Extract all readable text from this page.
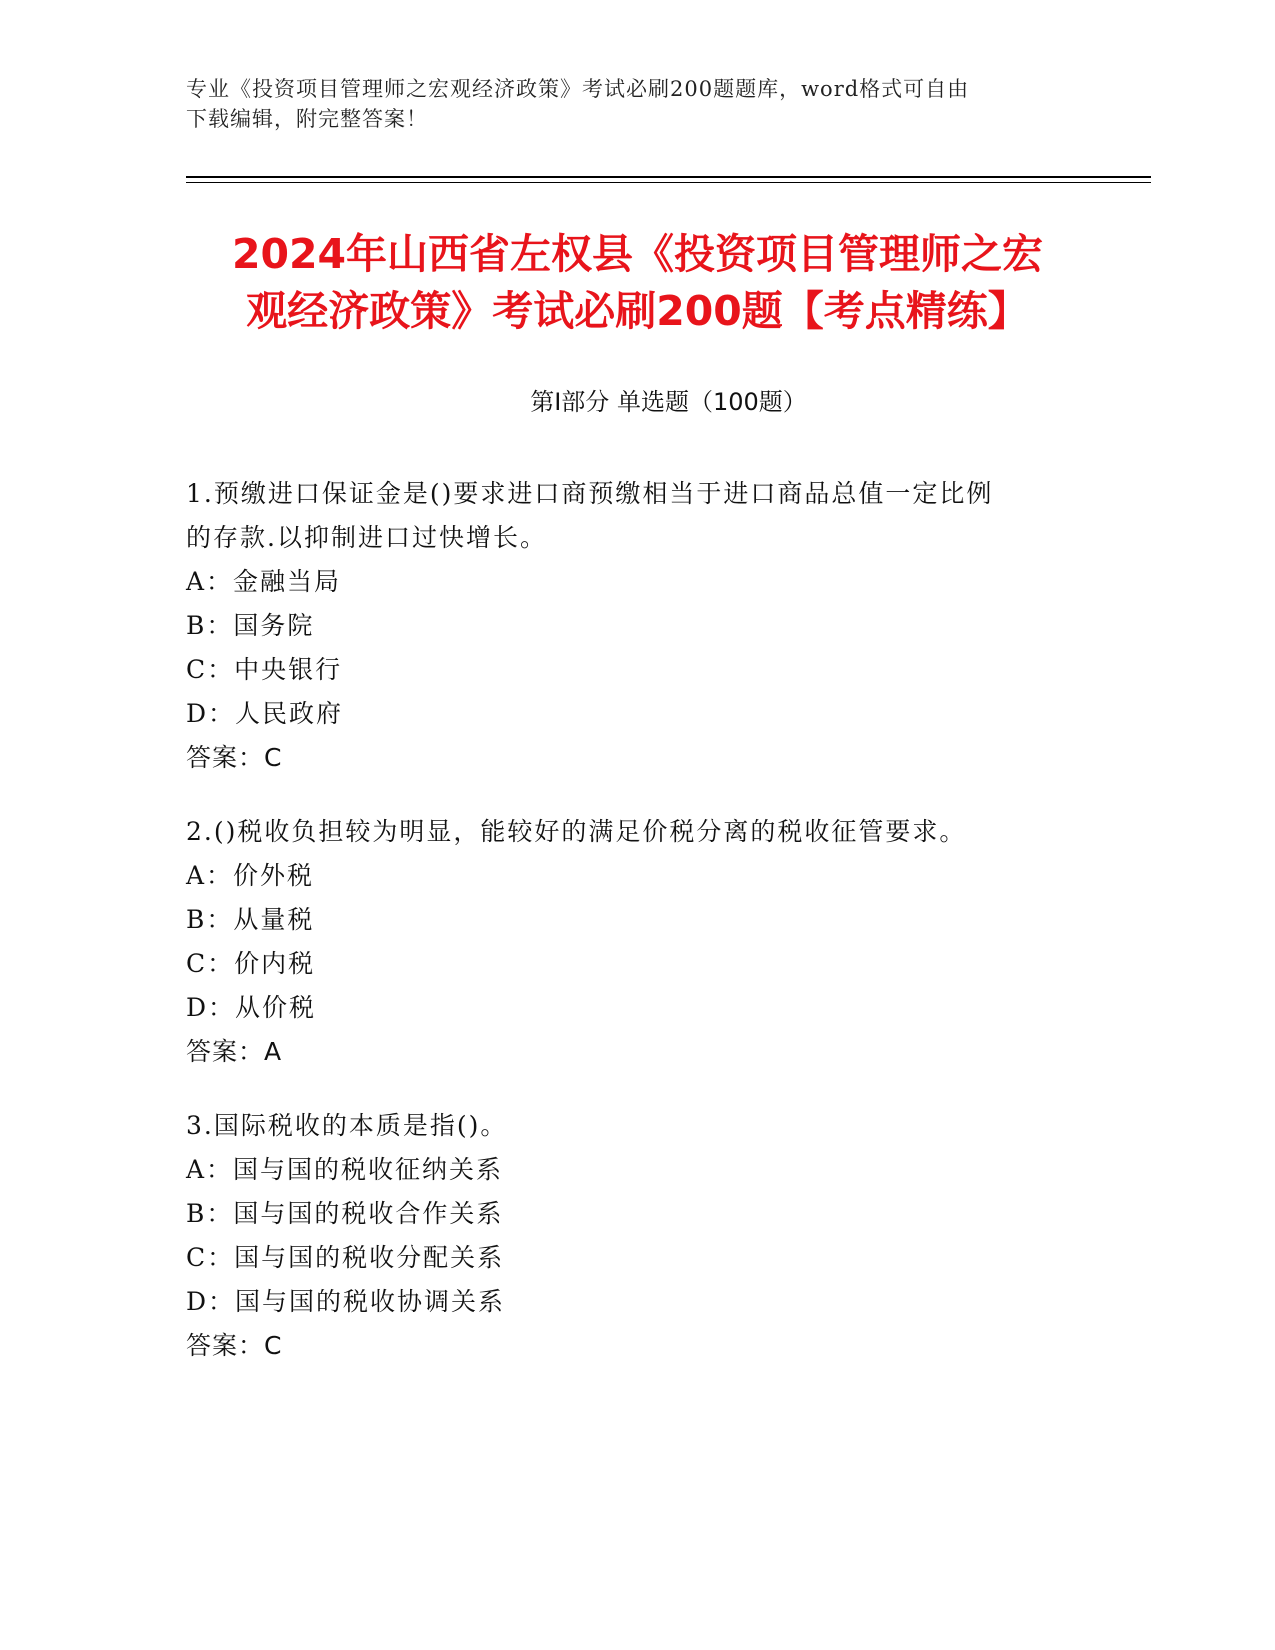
专业《投资项目管理师之宏观经济政策》考试必刷200题题库，word格式可自由
下载编辑，附完整答案！
2024年山西省左权县《投资项目管理师之宏
观经济政策》考试必刷200题【考点精练】
第Ⅰ部分 单选题（100题）
1.预缴进口保证金是()要求进口商预缴相当于进口商品总值一定比例
的存款.以抑制进口过快增长。
A：金融当局
B：国务院
C：中央银行
D：人民政府
答案：C
2.()税收负担较为明显，能较好的满足价税分离的税收征管要求。
A：价外税
B：从量税
C：价内税
D：从价税
答案：A
3.国际税收的本质是指()。
A：国与国的税收征纳关系
B：国与国的税收合作关系
C：国与国的税收分配关系
D：国与国的税收协调关系
答案：C
